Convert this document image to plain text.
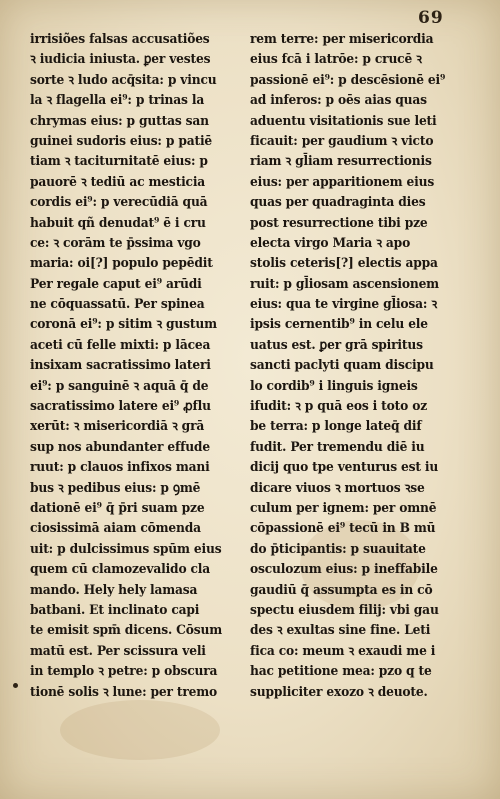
69
irrisiões falsas accusatiões
ꝛ iudicia iniusta. ꝑer vestes
sorte ꝛ ludo acq̄sita: p vincu
la ꝛ flagella ei⁹: p trinas la
chrymas eius: p guttas san
guinei sudoris eius: p patiē
tiam ꝛ taciturnitatē eius: p
pauorē ꝛ tediū ac mesticia
cordis ei⁹: p verecūdiā quā
habuit qñ denudat⁹ ē i cru
ce: ꝛ corām te p̄ssima vgo
maria: oi[?] populo pepēdit
Per regale caput ei⁹ arūdi
ne cōquassatū. Per spinea
coronā ei⁹: p sitim ꝛ gustum
aceti cū felle mixti: p lācea
insixam sacratissimo lateri
ei⁹: p sanguinē ꝛ aquā q̄ de
sacratissimo latere ei⁹ ꝓflu
xerūt: ꝛ misericordiā ꝛ grā
sup nos abundanter effude
ruut: p clauos infixos mani
bus ꝛ pedibus eius: p ꝯmē
dationē ei⁹ q̄ p̄ri suam pze
ciosissimā aiam cōmenda
uit: p dulcissimus spūm eius
quem cū clamozevalido cla
mando. Hely hely lamasa
batbani. Et inclinato capi
te emisit spm̄ dicens. Cōsum
matū est. Per scissura veli
in templo ꝛ petre: p obscura
tionē solis ꝛ lune: per tremo
rem terre: per misericordia
eius fcā i latrōe: p crucē ꝛ
passionē ei⁹: p descēsionē ei⁹
ad inferos: p oēs aias quas
aduentu visitationis sue leti
ficauit: per gaudium ꝛ victo
riam ꝛ gl̄iam resurrectionis
eius: per apparitionem eius
quas per quadraginta dies
post resurrectione tibi pze
electa virgo Maria ꝛ apo
stolis ceteris[?] electis appa
ruit: p gl̄iosam ascensionem
eius: qua te virgine gl̄iosa: ꝛ
ipsis cernentib⁹ in celu ele
uatus est. ꝑer grā spiritus
sancti paclyti quam discipu
lo cordib⁹ i linguis igneis
ifudit: ꝛ p quā eos i toto oz
be terra: p longe lateq̄ dif
fudit. Per tremendu diē iu
dicij quo tpe venturus est iu
dicare viuos ꝛ mortuos ꝛse
culum per ignem: per omnē
cōpassionē ei⁹ tecū in B mū
do p̄ticipantis: p suauitate
osculozum eius: p ineffabile
gaudiū q̄ assumpta es in cō
spectu eiusdem filij: vbi gau
des ꝛ exultas sine fine. Leti
fica co: meum ꝛ exaudi me i
hac petitione mea: pzo q te
suppliciter exozo ꝛ deuote.
